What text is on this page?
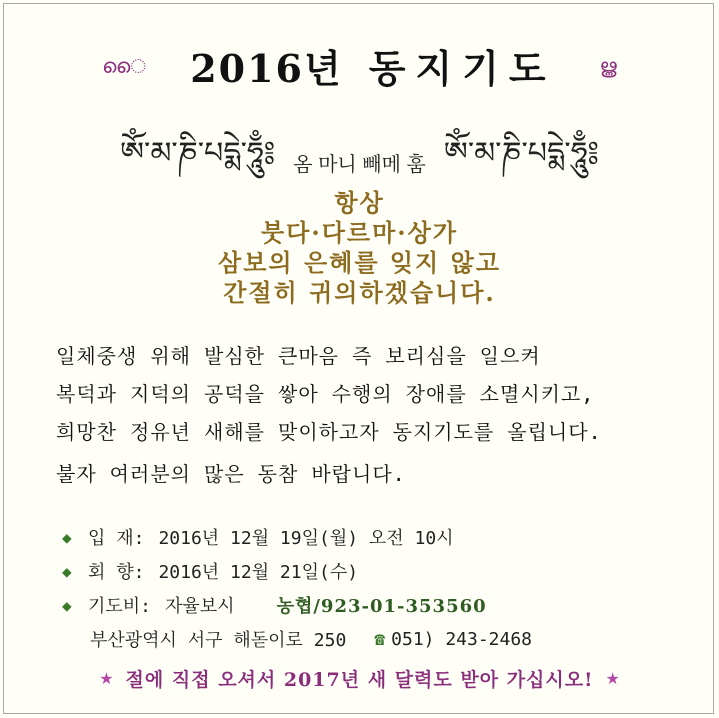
ൈ 2016년 동지기도 ൠ
ཨོཾ་མ་ཎི་པདྨེ་ཧཱུྃ༔ 옴 마니 빼메 훔 ཨོཾ་མ་ཎི་པདྨེ་ཧཱུྃ༔
항상
붓다·다르마·상가
삼보의 은혜를 잊지 않고
간절히 귀의하겠습니다.
일체중생 위해 발심한 큰마음 즉 보리심을 일으켜
복덕과 지덕의 공덕을 쌓아 수행의 장애를 소멸시키고,
희망찬 정유년 새해를 맞이하고자 동지기도를 올립니다.
불자 여러분의 많은 동참 바랍니다.
◆ 입 재: 2016년 12월 19일(월) 오전 10시
◆ 회 향: 2016년 12월 21일(수)
◆ 기도비: 자율보시 농협/923-01-353560
부산광역시 서구 해돋이로 250 ☎ 051) 243-2468
★ 절에 직접 오셔서 2017년 새 달력도 받아 가십시오! ★
